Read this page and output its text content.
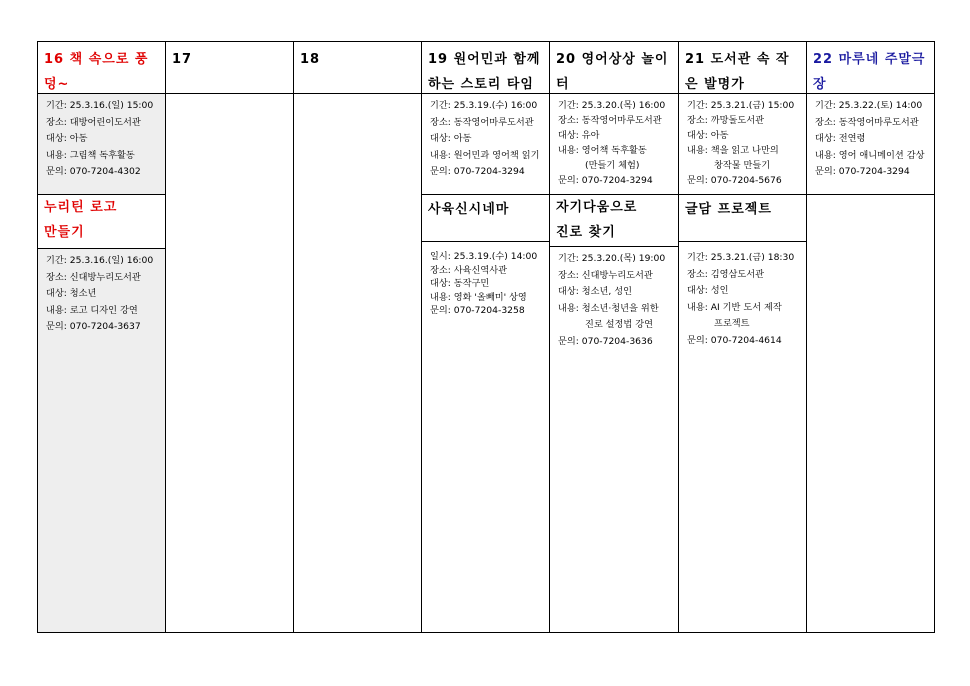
16 책 속으로 풍덩~
기간: 25.3.16.(일) 15:00
장소: 대방어린이도서관
대상: 아동
내용: 그림책 독후활동
문의: 070-7204-4302
누리틴 로고
만들기
기간: 25.3.16.(일) 16:00
장소: 신대방누리도서관
대상: 청소년
내용: 로고 디자인 강연
문의: 070-7204-3637
17	18	19 원어민과 함께 하는 스토리 타임
기간: 25.3.19.(수) 16:00
장소: 동작영어마루도서관
대상: 아동
내용: 원어민과 영어책 읽기
문의: 070-7204-3294
사육신시네마
일시: 25.3.19.(수) 14:00
장소: 사육신역사관
대상: 동작구민
내용: 영화 '올빼미' 상영
문의: 070-7204-3258
20 영어상상 놀이터
기간: 25.3.20.(목) 16:00
장소: 동작영어마루도서관
대상: 유아
내용: 영어책 독후활동
(만들기 체험)
문의: 070-7204-3294
자기다움으로
진로 찾기
기간: 25.3.20.(목) 19:00
장소: 신대방누리도서관
대상: 청소년, 성인
내용: 청소년·청년을 위한
진로 설정법 강연
문의: 070-7204-3636
21 도서관 속 작은 발명가
기간: 25.3.21.(금) 15:00
장소: 까망돌도서관
대상: 아동
내용: 책을 읽고 나만의
창작물 만들기
문의: 070-7204-5676
글담 프로젝트
기간: 25.3.21.(금) 18:30
장소: 김영삼도서관
대상: 성인
내용: AI 기반 도서 제작
프로젝트
문의: 070-7204-4614
22 마루네 주말극장
기간: 25.3.22.(토) 14:00
장소: 동작영어마루도서관
대상: 전연령
내용: 영어 애니메이션 감상
문의: 070-7204-3294
